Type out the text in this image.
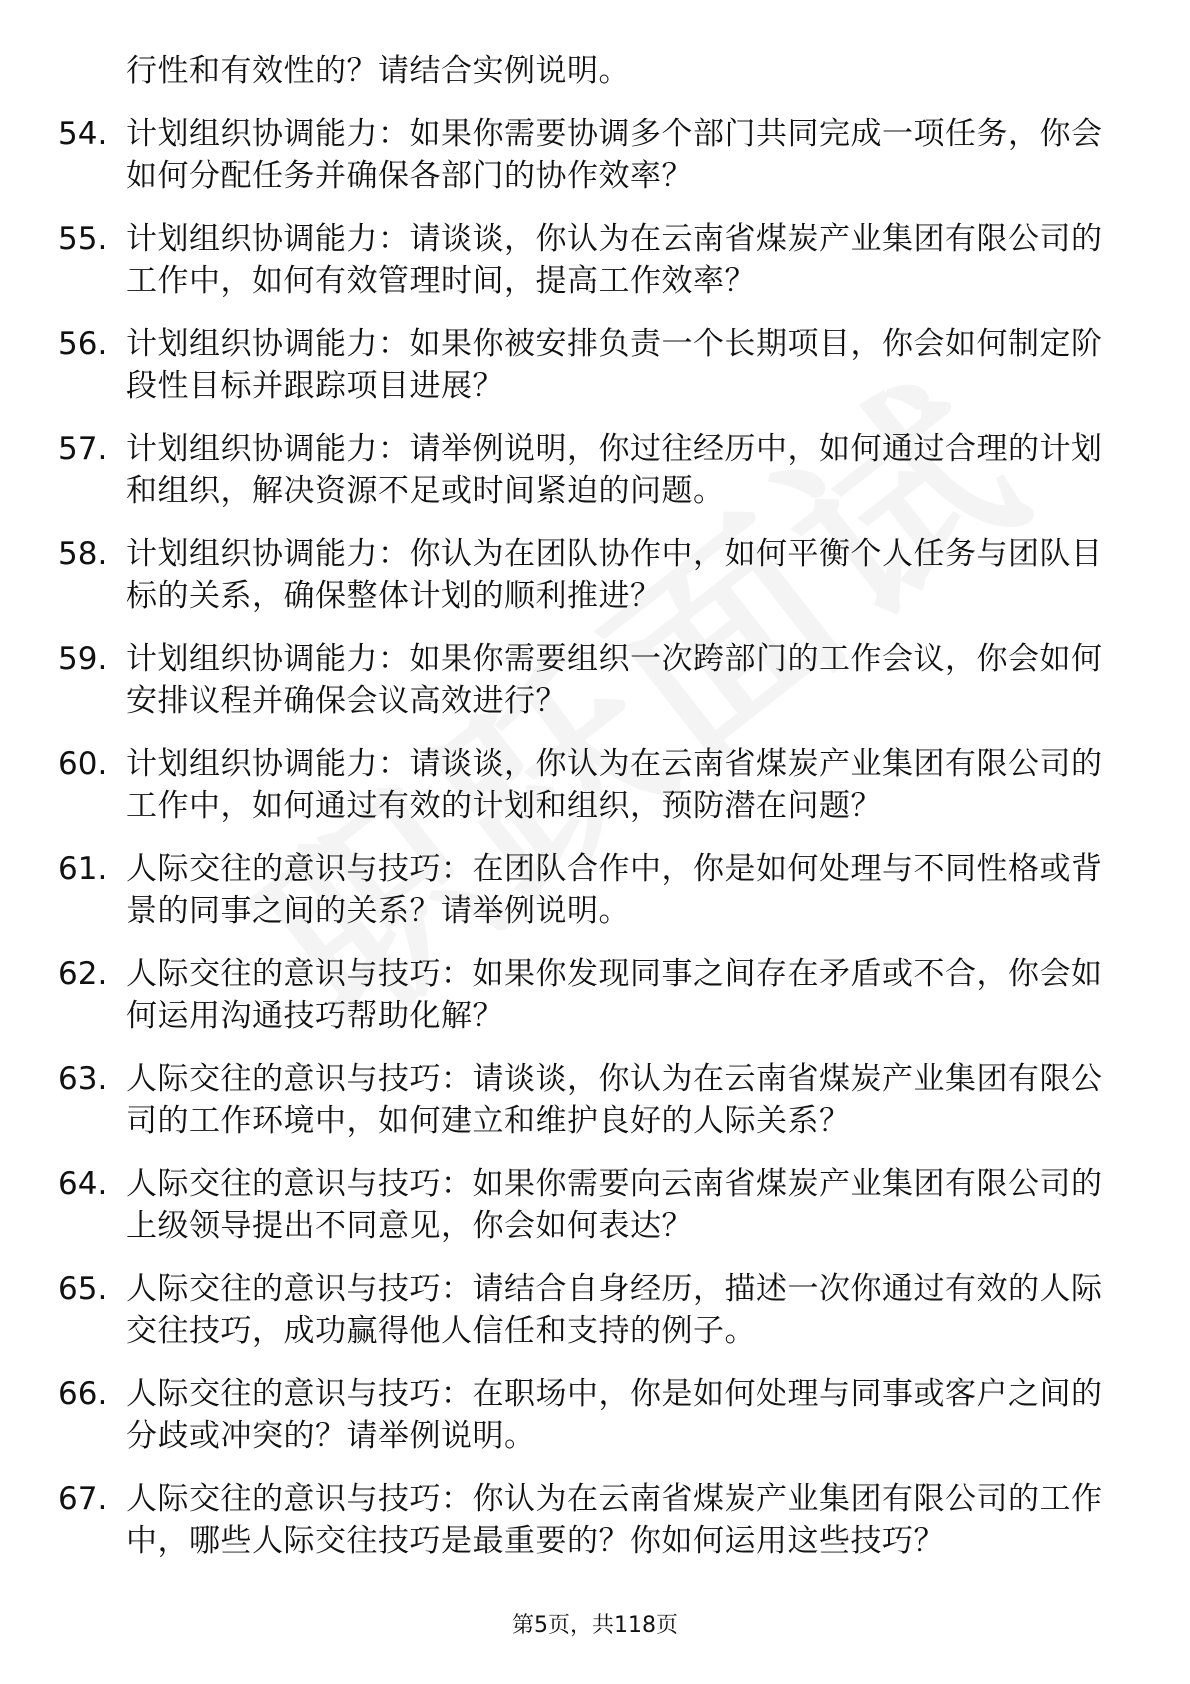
行性和有效性的？请结合实例说明。
54. 计划组织协调能力：如果你需要协调多个部门共同完成一项任务，你会如何分配任务并确保各部门的协作效率？
55. 计划组织协调能力：请谈谈，你认为在云南省煤炭产业集团有限公司的工作中，如何有效管理时间，提高工作效率？
56. 计划组织协调能力：如果你被安排负责一个长期项目，你会如何制定阶段性目标并跟踪项目进展？
57. 计划组织协调能力：请举例说明，你过往经历中，如何通过合理的计划和组织，解决资源不足或时间紧迫的问题。
58. 计划组织协调能力：你认为在团队协作中，如何平衡个人任务与团队目标的关系，确保整体计划的顺利推进？
59. 计划组织协调能力：如果你需要组织一次跨部门的工作会议，你会如何安排议程并确保会议高效进行？
60. 计划组织协调能力：请谈谈，你认为在云南省煤炭产业集团有限公司的工作中，如何通过有效的计划和组织，预防潜在问题？
61. 人际交往的意识与技巧：在团队合作中，你是如何处理与不同性格或背景的同事之间的关系？请举例说明。
62. 人际交往的意识与技巧：如果你发现同事之间存在矛盾或不合，你会如何运用沟通技巧帮助化解？
63. 人际交往的意识与技巧：请谈谈，你认为在云南省煤炭产业集团有限公司的工作环境中，如何建立和维护良好的人际关系？
64. 人际交往的意识与技巧：如果你需要向云南省煤炭产业集团有限公司的上级领导提出不同意见，你会如何表达？
65. 人际交往的意识与技巧：请结合自身经历，描述一次你通过有效的人际交往技巧，成功赢得他人信任和支持的例子。
66. 人际交往的意识与技巧：在职场中，你是如何处理与同事或客户之间的分歧或冲突的？请举例说明。
67. 人际交往的意识与技巧：你认为在云南省煤炭产业集团有限公司的工作中，哪些人际交往技巧是最重要的？你如何运用这些技巧？
第5页，共118页
